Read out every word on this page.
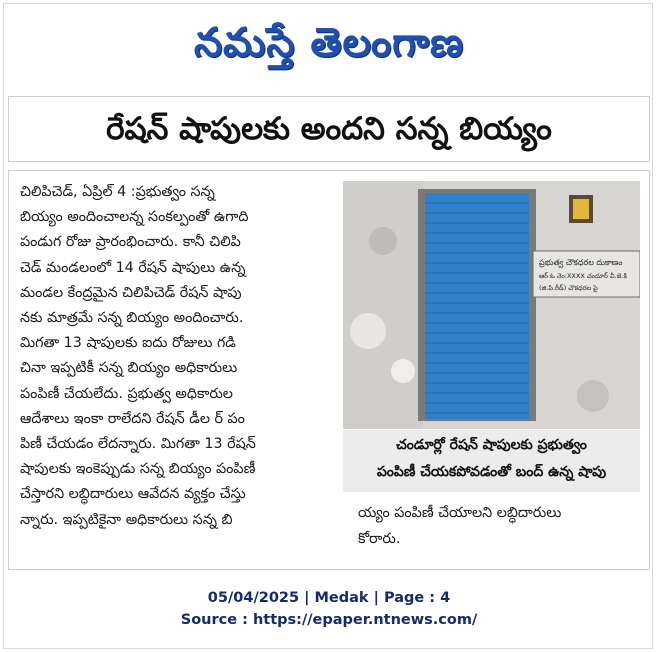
నమస్తే తెలంగాణ
రేషన్ షాపులకు అందని సన్న బియ్యం
చిలిపిచెడ్, ఏప్రిల్ 4 :ప్రభుత్వం సన్న
బియ్యం అందించాలన్న సంకల్పంతో ఉగాది
పండుగ రోజు ప్రారంభించారు. కానీ చిలిపి
చెడ్ మండలంలో 14 రేషన్ షాపులు ఉన్న
మండల కేంద్రమైన చిలిపిచెడ్ రేషన్ షాపు
నకు మాత్రమే సన్న బియ్యం అందించారు.
మిగతా 13 షాపులకు ఐదు రోజులు గడి
చినా ఇప్పటికీ సన్న బియ్యం అధికారులు
పంపిణీ చేయలేదు. ప్రభుత్వ అధికారుల
ఆదేశాలు ఇంకా రాలేదని రేషన్ డీల ర్ పం
పిణీ చేయడం లేదన్నారు. మిగతా 13 రేషన్
షాపులకు ఇంకెప్పుడు సన్న బియ్యం పంపిణీ
చేస్తారని లబ్ధిదారులు ఆవేదన వ్యక్తం చేస్తు
న్నారు. ఇప్పటికైనా అధికారులు సన్న బి
ప్రభుత్వ చౌకధరల దుకాణం
ఆర్ ఓ నెం:XXXX చందూర్ వీ.జె.కి
(జి.పి.రీడ్) చౌకధరల పై
చండూర్లో రేషన్ షాపులకు ప్రభుత్వం
పంపిణీ చేయకపోవడంతో బంద్ ఉన్న షాపు
య్యం పంపిణీ చేయాలని లబ్ధిదారులు
కోరారు.
05/04/2025 | Medak | Page : 4
Source : https://epaper.ntnews.com/
